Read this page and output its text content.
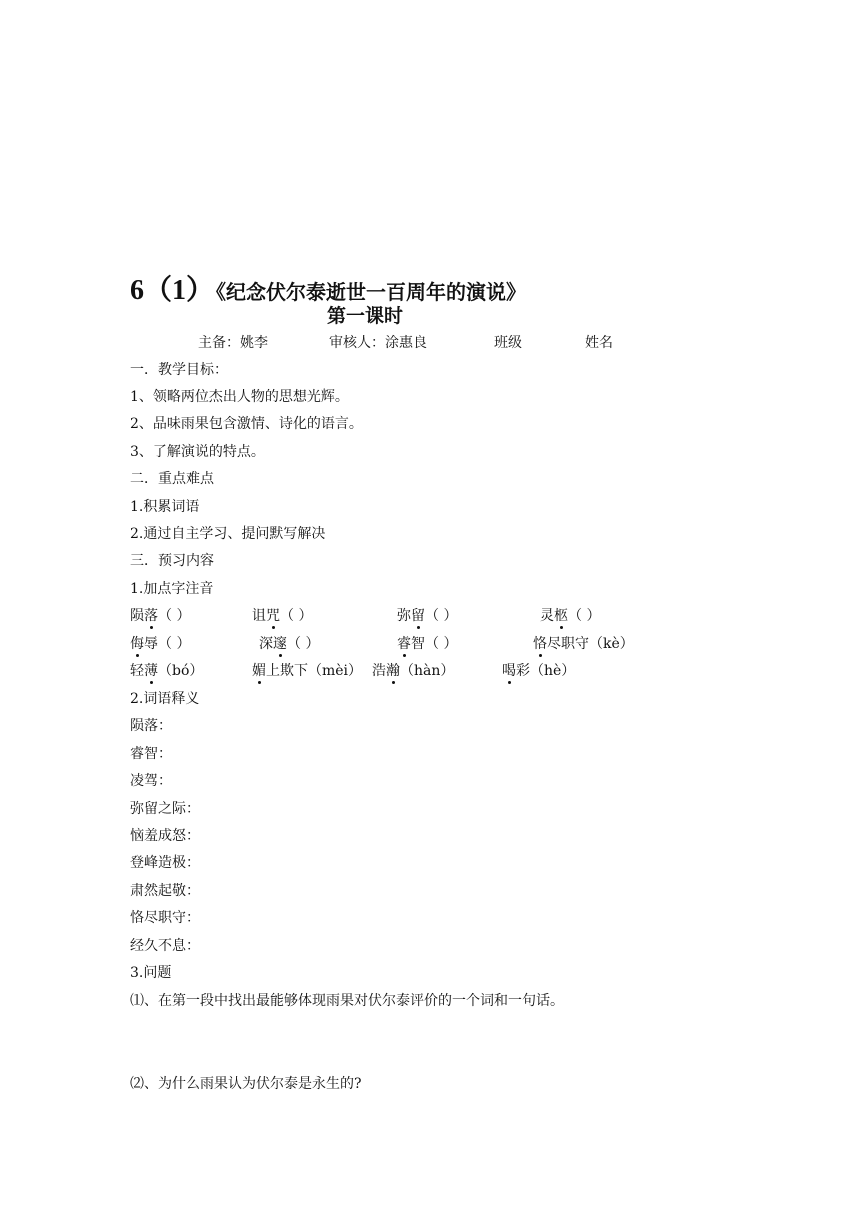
6（1） 《纪念伏尔泰逝世一百周年的演说》
第一课时
主备：姚李	审核人：涂惠良	班级	姓名
一．教学目标：
1、领略两位杰出人物的思想光辉。
2、品味雨果包含激情、诗化的语言。
3、了解演说的特点。
二．重点难点
1.积累词语
2.通过自主学习、提问默写解决
三．预习内容
1.加点字注音
陨落（ ）	诅咒（ ）	弥留（ ）	灵柩（ ）
侮辱（ ）	深邃（ ）	睿智（ ）	恪尽职守（kè）
轻薄（bó）	媚上欺下（mèi） 浩瀚（hàn）	喝彩（hè）
2.词语释义
陨落：
睿智：
凌驾：
弥留之际：
恼羞成怒：
登峰造极：
肃然起敬：
恪尽职守：
经久不息：
3.问题
⑴、在第一段中找出最能够体现雨果对伏尔泰评价的一个词和一句话。
⑵、为什么雨果认为伏尔泰是永生的?
